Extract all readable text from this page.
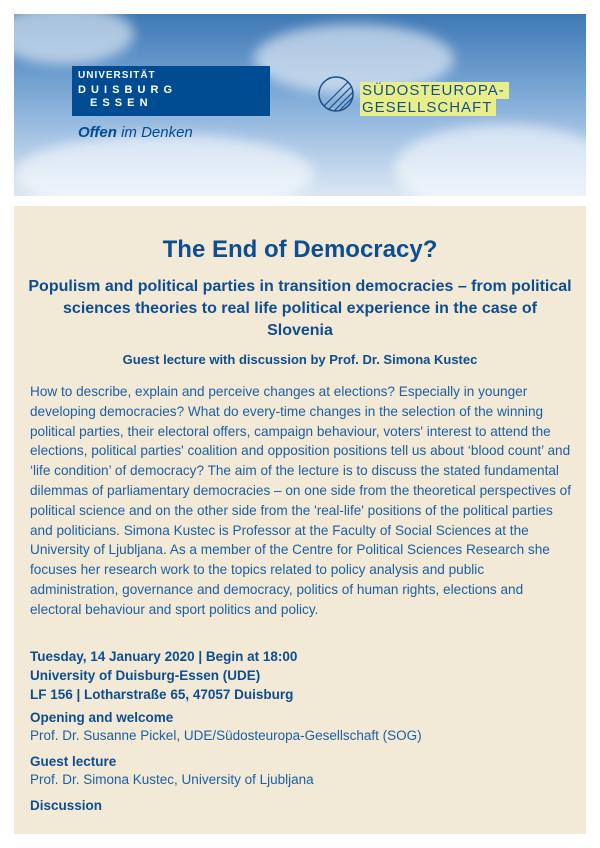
UNIVERSITÄT
D U I S B U R G
E S S E N
Offen im Denken
SÜDOSTEUROPA-
GESELLSCHAFT
The End of Democracy?
Populism and political parties in transition democracies – from political sciences theories to real life political experience in the case of Slovenia
Guest lecture with discussion by Prof. Dr. Simona Kustec
How to describe, explain and perceive changes at elections? Especially in younger developing democracies? What do every-time changes in the selection of the winning political parties, their electoral offers, campaign behaviour, voters' interest to attend the elections, political parties' coalition and opposition positions tell us about ‘blood count’ and ‘life condition’ of democracy? The aim of the lecture is to discuss the stated fundamental dilemmas of parliamentary democracies – on one side from the theoretical perspectives of political science and on the other side from the 'real-life' positions of the political parties and politicians. Simona Kustec is Professor at the Faculty of Social Sciences at the University of Ljubljana. As a member of the Centre for Political Sciences Research she focuses her research work to the topics related to policy analysis and public administration, governance and democracy, politics of human rights, elections and electoral behaviour and sport politics and policy.
Tuesday, 14 January 2020 | Begin at 18:00
University of Duisburg-Essen (UDE)
LF 156 | Lotharstraße 65, 47057 Duisburg
Opening and welcome
Prof. Dr. Susanne Pickel, UDE/Südosteuropa-Gesellschaft (SOG)
Guest lecture
Prof. Dr. Simona Kustec, University of Ljubljana
Discussion
